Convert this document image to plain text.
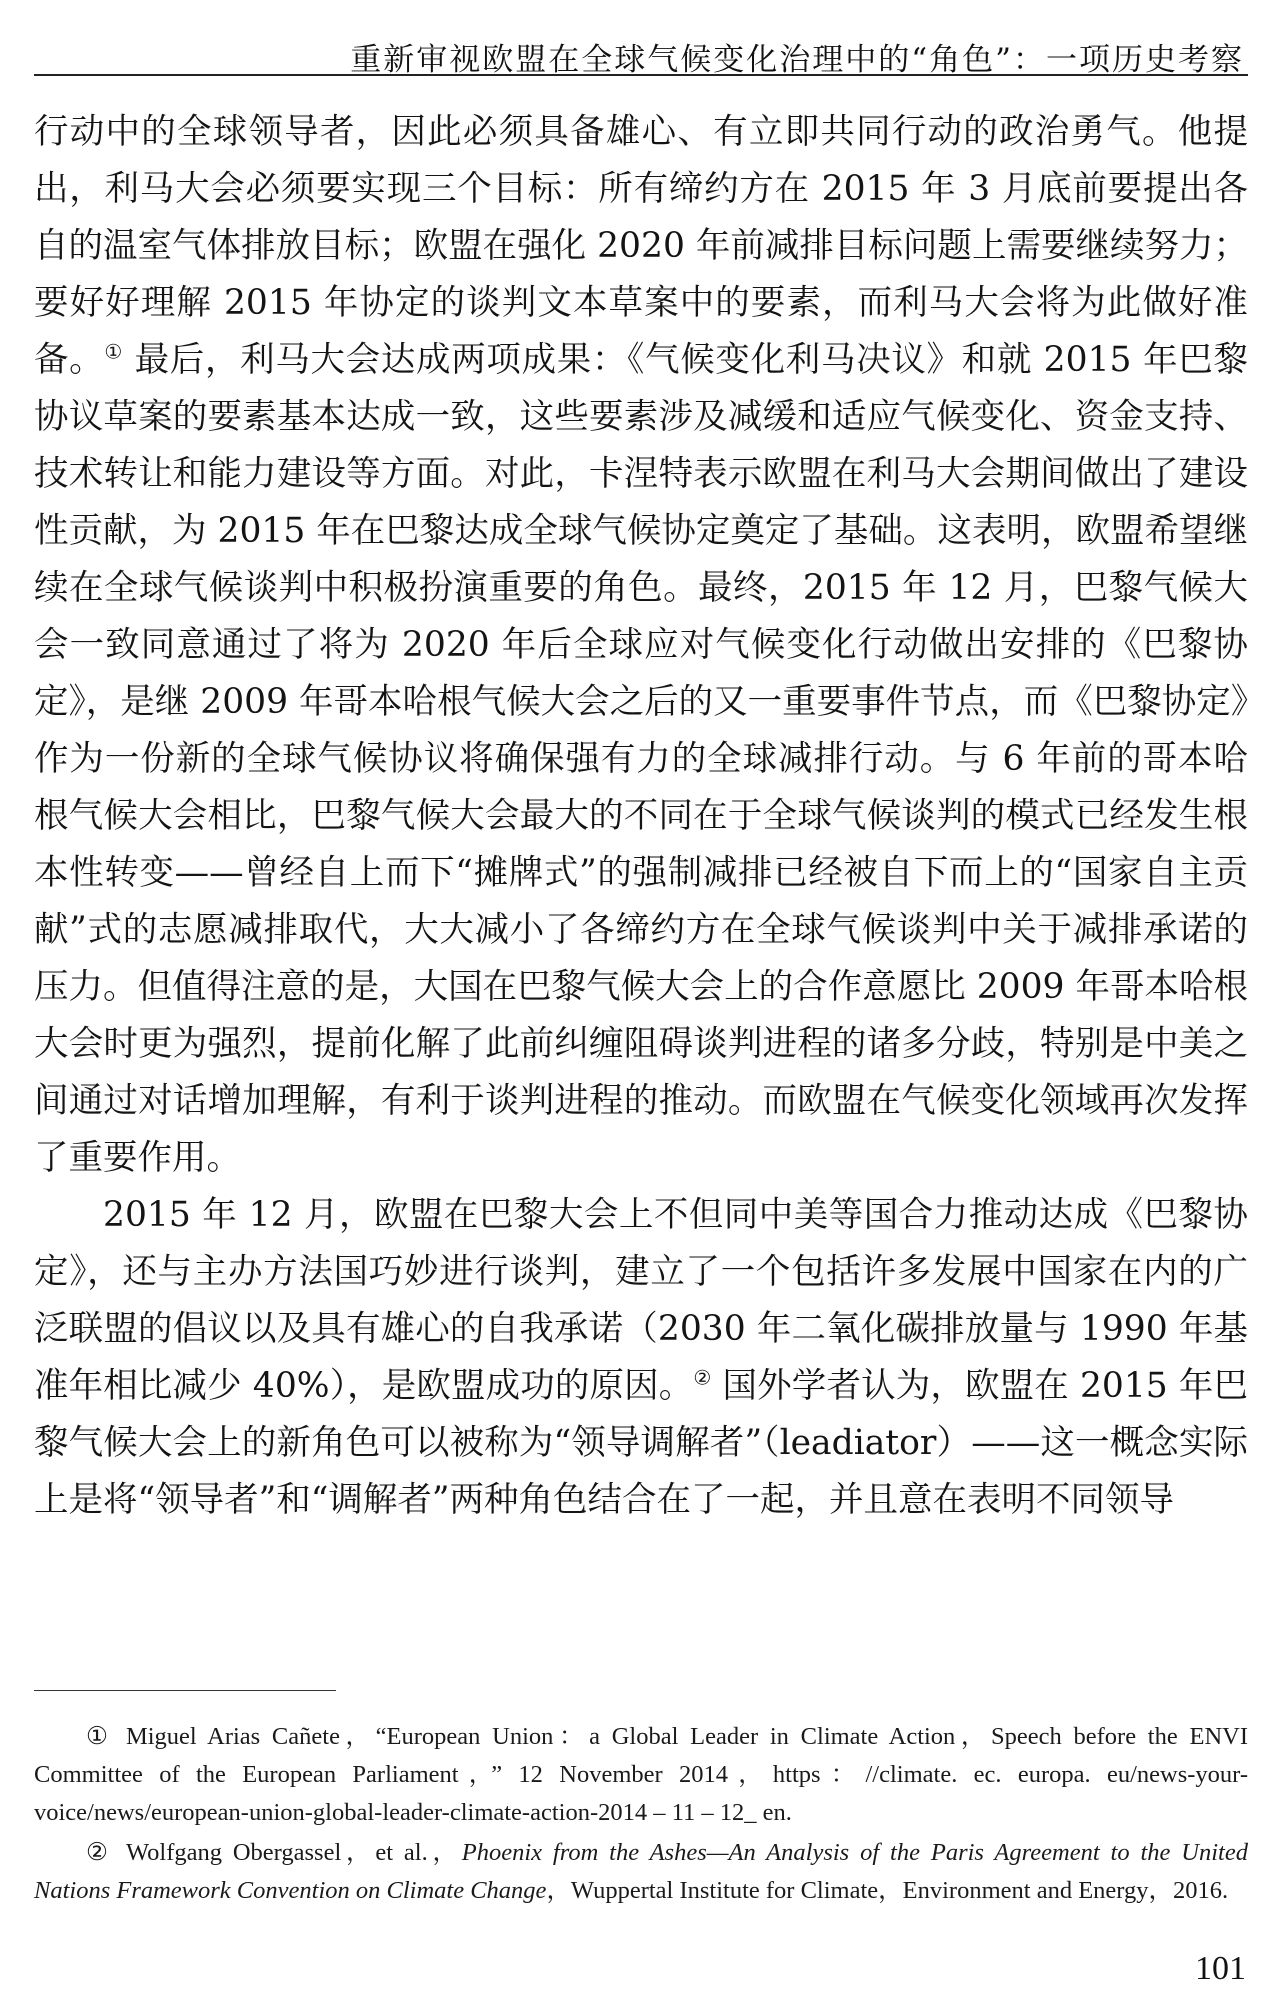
重新审视欧盟在全球气候变化治理中的“角色”：一项历史考察

行动中的全球领导者，因此必须具备雄心、有立即共同行动的政治勇气。他提出，利马大会必须要实现三个目标：所有缔约方在 2015 年 3 月底前要提出各自的温室气体排放目标；欧盟在强化 2020 年前减排目标问题上需要继续努力；要好好理解 2015 年协定的谈判文本草案中的要素，而利马大会将为此做好准备。① 最后，利马大会达成两项成果：《气候变化利马决议》和就 2015 年巴黎协议草案的要素基本达成一致，这些要素涉及减缓和适应气候变化、资金支持、技术转让和能力建设等方面。对此，卡涅特表示欧盟在利马大会期间做出了建设性贡献，为 2015 年在巴黎达成全球气候协定奠定了基础。这表明，欧盟希望继续在全球气候谈判中积极扮演重要的角色。最终，2015 年 12 月，巴黎气候大会一致同意通过了将为 2020 年后全球应对气候变化行动做出安排的《巴黎协定》，是继 2009 年哥本哈根气候大会之后的又一重要事件节点，而《巴黎协定》作为一份新的全球气候协议将确保强有力的全球减排行动。与 6 年前的哥本哈根气候大会相比，巴黎气候大会最大的不同在于全球气候谈判的模式已经发生根本性转变——曾经自上而下“摊牌式”的强制减排已经被自下而上的“国家自主贡献”式的志愿减排取代，大大减小了各缔约方在全球气候谈判中关于减排承诺的压力。但值得注意的是，大国在巴黎气候大会上的合作意愿比 2009 年哥本哈根大会时更为强烈，提前化解了此前纠缠阻碍谈判进程的诸多分歧，特别是中美之间通过对话增加理解，有利于谈判进程的推动。而欧盟在气候变化领域再次发挥了重要作用。

2015 年 12 月，欧盟在巴黎大会上不但同中美等国合力推动达成《巴黎协定》，还与主办方法国巧妙进行谈判，建立了一个包括许多发展中国家在内的广泛联盟的倡议以及具有雄心的自我承诺（2030 年二氧化碳排放量与 1990 年基准年相比减少 40%），是欧盟成功的原因。② 国外学者认为，欧盟在 2015 年巴黎气候大会上的新角色可以被称为“领导调解者”（leadiator）——这一概念实际上是将“领导者”和“调解者”两种角色结合在了一起，并且意在表明不同领导

① Miguel Arias Cañete，“European Union：a Global Leader in Climate Action，Speech before the ENVI Committee of the European Parliament，” 12 November 2014，https：//climate. ec. europa. eu/news-your-voice/news/european-union-global-leader-climate-action-2014 – 11 – 12_ en.

② Wolfgang Obergassel，et al.，Phoenix from the Ashes—An Analysis of the Paris Agreement to the United Nations Framework Convention on Climate Change，Wuppertal Institute for Climate，Environment and Energy，2016.

101
